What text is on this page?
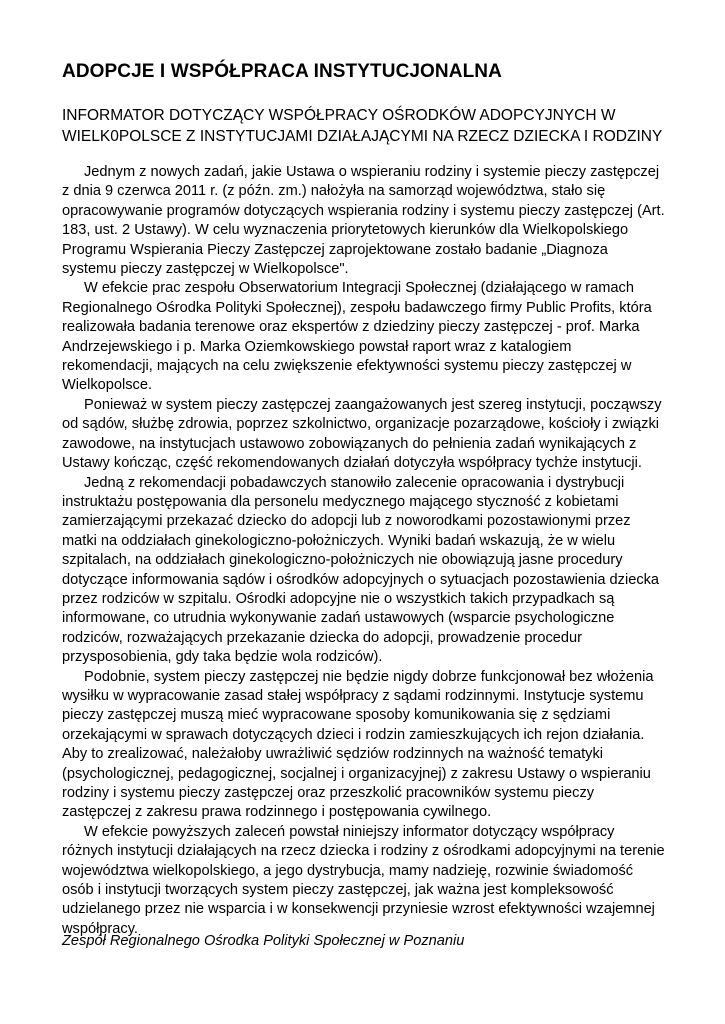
ADOPCJE I WSPÓŁPRACA INSTYTUCJONALNA
INFORMATOR DOTYCZĄCY WSPÓŁPRACY OŚRODKÓW ADOPCYJNYCH W
WIELK0POLSCE Z INSTYTUCJAMI DZIAŁAJĄCYMI NA RZECZ DZIECKA I RODZINY

Jednym z nowych zadań, jakie Ustawa o wspieraniu rodziny i systemie pieczy zastępczej
z dnia 9 czerwca 2011 r. (z późn. zm.) nałożyła na samorząd województwa, stało się
opracowywanie programów dotyczących wspierania rodziny i systemu pieczy zastępczej (Art.
183, ust. 2 Ustawy). W celu wyznaczenia priorytetowych kierunków dla Wielkopolskiego
Programu Wspierania Pieczy Zastępczej zaprojektowane zostało badanie „Diagnoza
systemu pieczy zastępczej w Wielkopolsce".

W efekcie prac zespołu Obserwatorium Integracji Społecznej (działającego w ramach
Regionalnego Ośrodka Polityki Społecznej), zespołu badawczego firmy Public Profits, która
realizowała badania terenowe oraz ekspertów z dziedziny pieczy zastępczej - prof. Marka
Andrzejewskiego i p. Marka Oziemkowskiego powstał raport wraz z katalogiem
rekomendacji, mających na celu zwiększenie efektywności systemu pieczy zastępczej w
Wielkopolsce.

Ponieważ w system pieczy zastępczej zaangażowanych jest szereg instytucji, począwszy
od sądów, służbę zdrowia, poprzez szkolnictwo, organizacje pozarządowe, kościoły i związki
zawodowe, na instytucjach ustawowo zobowiązanych do pełnienia zadań wynikających z
Ustawy kończąc, część rekomendowanych działań dotyczyła współpracy tychże instytucji.

Jedną z rekomendacji pobadawczych stanowiło zalecenie opracowania i dystrybucji
instruktażu postępowania dla personelu medycznego mającego styczność z kobietami
zamierzającymi przekazać dziecko do adopcji lub z noworodkami pozostawionymi przez
matki na oddziałach ginekologiczno-położniczych. Wyniki badań wskazują, że w wielu
szpitalach, na oddziałach ginekologiczno-położniczych nie obowiązują jasne procedury
dotyczące informowania sądów i ośrodków adopcyjnych o sytuacjach pozostawienia dziecka
przez rodziców w szpitalu. Ośrodki adopcyjne nie o wszystkich takich przypadkach są
informowane, co utrudnia wykonywanie zadań ustawowych (wsparcie psychologiczne
rodziców, rozważających przekazanie dziecka do adopcji, prowadzenie procedur
przysposobienia, gdy taka będzie wola rodziców).

Podobnie, system pieczy zastępczej nie będzie nigdy dobrze funkcjonował bez włożenia
wysiłku w wypracowanie zasad stałej współpracy z sądami rodzinnymi. Instytucje systemu
pieczy zastępczej muszą mieć wypracowane sposoby komunikowania się z sędziami
orzekającymi w sprawach dotyczących dzieci i rodzin zamieszkujących ich rejon działania.
Aby to zrealizować, należałoby uwrażliwić sędziów rodzinnych na ważność tematyki
(psychologicznej, pedagogicznej, socjalnej i organizacyjnej) z zakresu Ustawy o wspieraniu
rodziny i systemu pieczy zastępczej oraz przeszkolić pracowników systemu pieczy
zastępczej z zakresu prawa rodzinnego i postępowania cywilnego.

W efekcie powyższych zaleceń powstał niniejszy informator dotyczący współpracy
różnych instytucji działających na rzecz dziecka i rodziny z ośrodkami adopcyjnymi na terenie
województwa wielkopolskiego, a jego dystrybucja, mamy nadzieję, rozwinie świadomość
osób i instytucji tworzących system pieczy zastępczej, jak ważna jest kompleksowość
udzielanego przez nie wsparcia i w konsekwencji przyniesie wzrost efektywności wzajemnej
współpracy.

Zespół Regionalnego Ośrodka Polityki Społecznej w Poznaniu
